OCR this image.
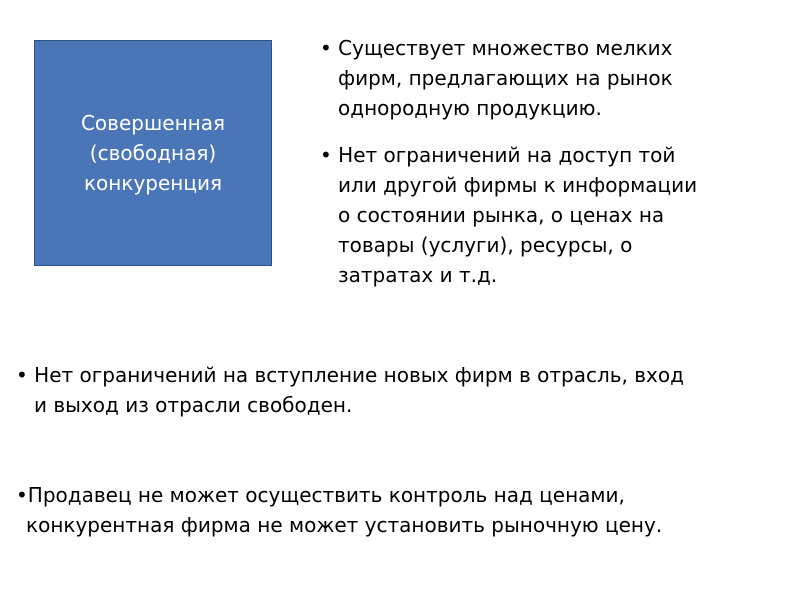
Совершенная
(свободная)
конкуренция
• Существует множество мелких
фирм, предлагающих на рынок
однородную продукцию.
• Нет ограничений на доступ той
или другой фирмы к информации
о состоянии рынка, о ценах на
товары (услуги), ресурсы, о
затратах и т.д.
• Нет ограничений на вступление новых фирм в отрасль, вход
и выход из отрасли свободен.
•Продавец не может осуществить контроль над ценами,
конкурентная фирма не может установить рыночную цену.
